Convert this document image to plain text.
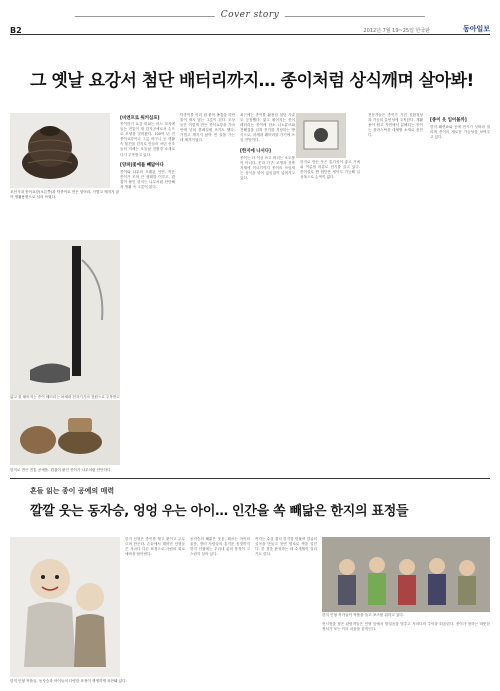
Cover story
B2	2012년 7월 19~25일 한국판	동아일보
그 옛날 요강서 첨단 배터리까지… 종이처럼 상식깨며 살아봐!
조선시대 종이요강(오른쪽)과 닥종이로 만든 항아리. 가볍고 깨지지 않아 생활용품으로 널리 쓰였다.
얇고 잘 휘어지는 종이 배터리는 차세대 전자기기의 전원으로 주목받고
한지로 만든 전통 공예품. 겹겹이 붙인 종이가 나무처럼 단단하다.
[비엔프로 워커십포]

종이하기 요강 비와는 어느 모지에 들는 전통이 재 한지공예로서 손으로 모양을 빚어왔다. 100여 년 전 종이요강이나 그릇 바구니 등 생활 속 물건을 한지로 만들어 쓰던 선조들의 지혜는 오늘날 친환경 소재로 다시 주목받고 있다.

[양파]꽃에를 빼닮아다

종이와 나무의 오래된 인연. 작은 종이가 모여 큰 형태를 이루고, 겹겹이 붙인 한지는 나무처럼 단단해져 생활 속 그릇이 된다.

닥종이를 여러 겹 붙여 옻칠을 하면 물이 새지 않는 그릇이 된다. 조상들은 이렇게 만든 종이요강을 가마 안에 넣어 혼례길에 쓰기도 했다. 가볍고 깨지지 않아 먼 길을 가는 데 제격이었다.

최근에는 종이를 활용한 첨단 기술도 등장했다. 얇고 휘어지는 종이 배터리는 종이에 탄소 나노튜브와 전해질을 입혀 전기를 저장하는 방식으로, 차세대 웨어러블 기기에 쓰일 전망이다.

[한지에 나서다]

종이는 더 이상 쓰고 버리는 소모품이 아니다. 옷과 가구, 조명과 건축 자재에 이르기까지 종이의 쓰임새는 상식을 넘어 끊임없이 넓어지고 있다.

한지로 만든 옷은 통기성이 좋고 가벼워 여름철 의류로 인기를 끌고 있다. 종이실로 짠 원단은 세탁도 가능해 일상복으로 손색이 없다.

전문가들은 종이가 가진 친환경성과 가공의 유연성에 주목한다. 재활용이 쉽고 자연에서 분해되는 종이는 플라스틱을 대체할 소재로 꼽힌다.

[종이 옷 입어볼까]

한지 패션쇼와 공예 전시가 잇따라 열리며 종이의 새로운 가능성을 보여주고 있다.

흔들 읽는 종이 공예의 매력
깔깔 웃는 동자승, 엉엉 우는 아이… 인간을 쏙 빼닮은 한지의 표정들
한지 인형 작품들. 동자승과 아이들의 다양한 표정이 생생하게 표현돼 있다.

한지 인형은 종이를 찢고 붙이고 주무르며 만든다. 손끝에서 태어난 인형들은 저마다 다른 표정으로 사람의 희로애락을 담아낸다.

동자승의 해맑은 웃음, 떼쓰는 아이의 울음, 장터 사람들의 흥겨운 몸짓까지 한지 인형에는 우리네 삶의 풍경이 고스란히 살아 있다.

작가는 수십 겹의 한지를 덧붙여 얼굴의 굴곡을 만들고 천연 염료로 색을 입힌다. 한 점을 완성하는 데 수개월이 걸리기도 한다.

한지 인형 작가들이 작품을 들고 포즈를 취하고 있다.

전시장을 찾은 관람객들은 인형 앞에서 발걸음을 멈추고 저마다의 추억을 떠올린다. 종이가 전하는 따뜻한 정서가 보는 이의 마음을 움직인다.
